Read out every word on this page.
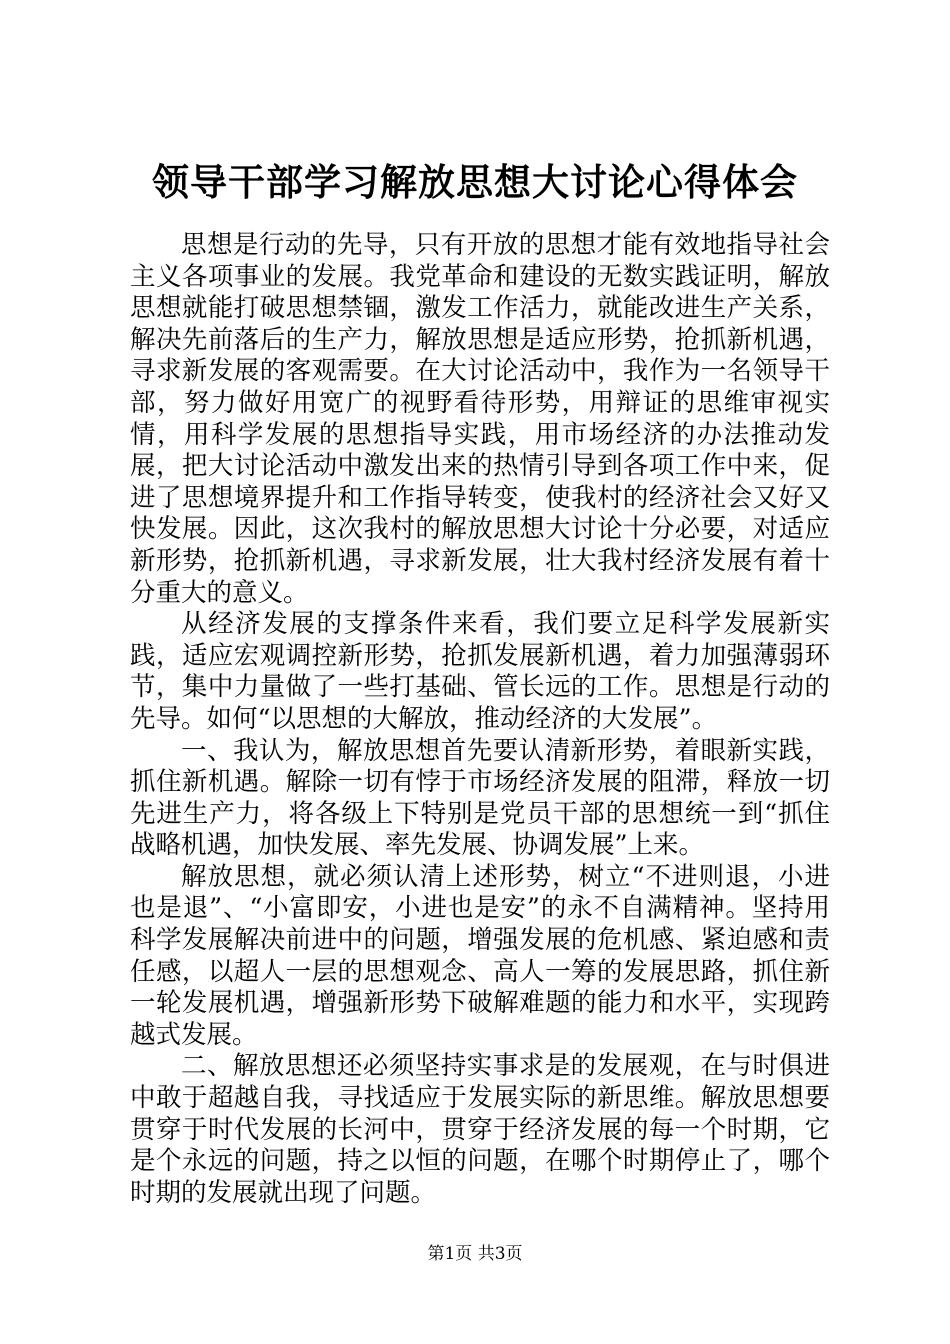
领导干部学习解放思想大讨论心得体会

思想是行动的先导，只有开放的思想才能有效地指导社会主义各项事业的发展。我党革命和建设的无数实践证明，解放思想就能打破思想禁锢，激发工作活力，就能改进生产关系，解决先前落后的生产力，解放思想是适应形势，抢抓新机遇，寻求新发展的客观需要。在大讨论活动中，我作为一名领导干部，努力做好用宽广的视野看待形势，用辩证的思维审视实情，用科学发展的思想指导实践，用市场经济的办法推动发展，把大讨论活动中激发出来的热情引导到各项工作中来，促进了思想境界提升和工作指导转变，使我村的经济社会又好又快发展。因此，这次我村的解放思想大讨论十分必要，对适应新形势，抢抓新机遇，寻求新发展，壮大我村经济发展有着十分重大的意义。

从经济发展的支撑条件来看，我们要立足科学发展新实践，适应宏观调控新形势，抢抓发展新机遇，着力加强薄弱环节，集中力量做了一些打基础、管长远的工作。思想是行动的先导。如何“以思想的大解放，推动经济的大发展”。

一、我认为，解放思想首先要认清新形势，着眼新实践，抓住新机遇。解除一切有悖于市场经济发展的阻滞，释放一切先进生产力，将各级上下特别是党员干部的思想统一到“抓住战略机遇，加快发展、率先发展、协调发展”上来。

解放思想，就必须认清上述形势，树立“不进则退，小进也是退”、“小富即安，小进也是安”的永不自满精神。坚持用科学发展解决前进中的问题，增强发展的危机感、紧迫感和责任感，以超人一层的思想观念、高人一筹的发展思路，抓住新一轮发展机遇，增强新形势下破解难题的能力和水平，实现跨越式发展。

二、解放思想还必须坚持实事求是的发展观，在与时俱进中敢于超越自我，寻找适应于发展实际的新思维。解放思想要贯穿于时代发展的长河中，贯穿于经济发展的每一个时期，它是个永远的问题，持之以恒的问题，在哪个时期停止了，哪个时期的发展就出现了问题。

第1页 共3页
